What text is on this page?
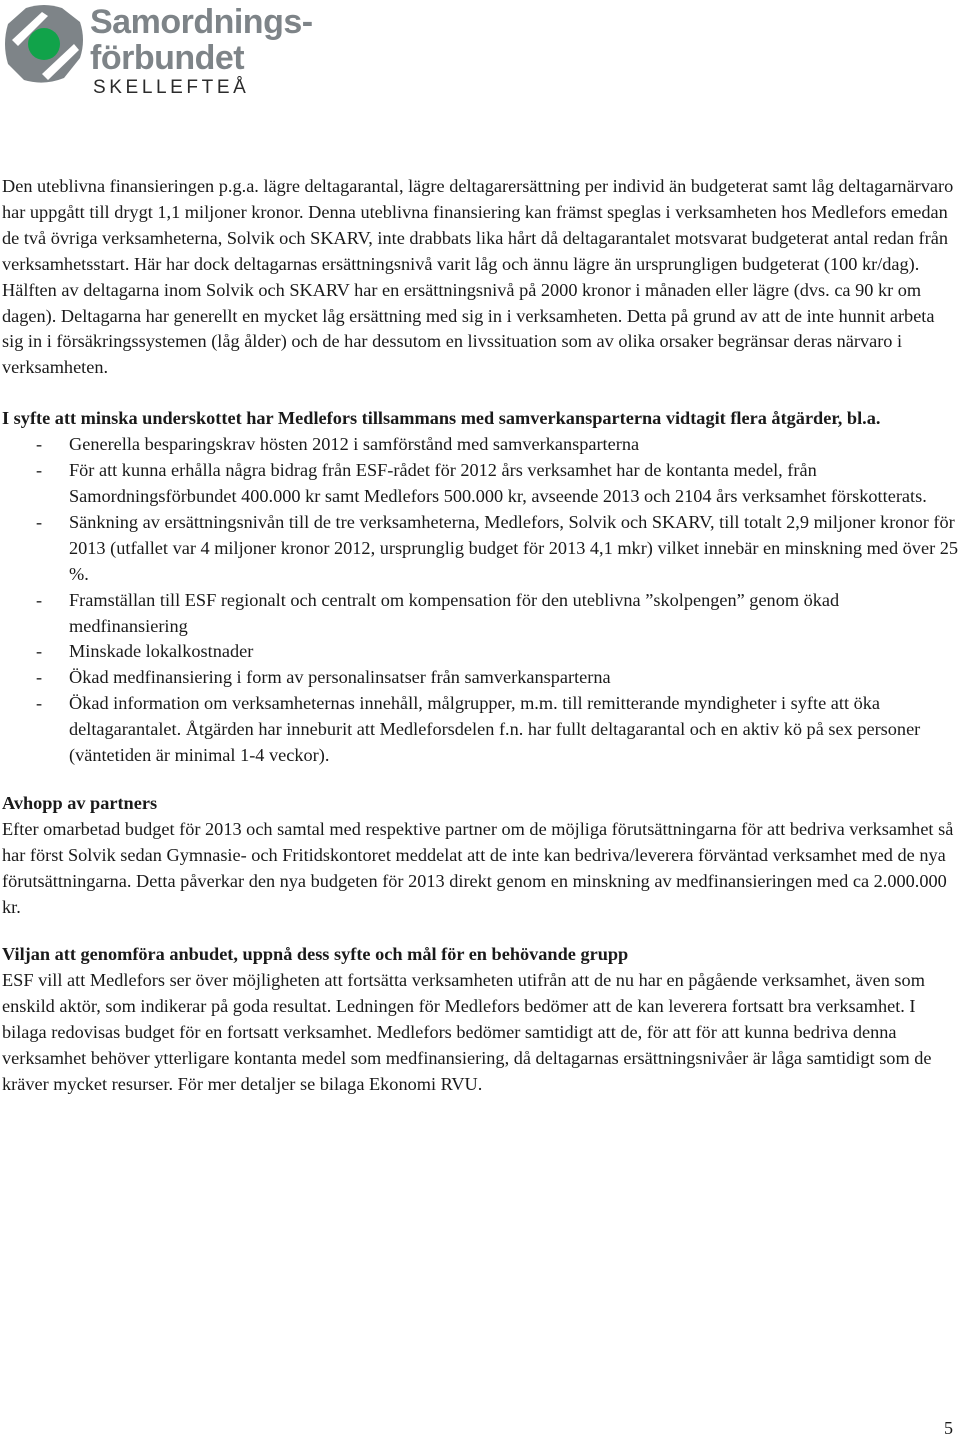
Samordnings-
förbundet
SKELLEFTEÅ

Den uteblivna finansieringen p.g.a. lägre deltagarantal, lägre deltagarersättning per individ än budgeterat samt låg deltagarnärvaro har uppgått till drygt 1,1 miljoner kronor. Denna uteblivna finansiering kan främst speglas i verksamheten hos Medlefors emedan de två övriga verksamheterna, Solvik och SKARV, inte drabbats lika hårt då deltagarantalet motsvarat budgeterat antal redan från verksamhetsstart. Här har dock deltagarnas ersättningsnivå varit låg och ännu lägre än ursprungligen budgeterat (100 kr/dag). Hälften av deltagarna inom Solvik och SKARV har en ersättningsnivå på 2000 kronor i månaden eller lägre (dvs. ca 90 kr om dagen). Deltagarna har generellt en mycket låg ersättning med sig in i verksamheten. Detta på grund av att de inte hunnit arbeta sig in i försäkringssystemen (låg ålder) och de har dessutom en livssituation som av olika orsaker begränsar deras närvaro i verksamheten.

I syfte att minska underskottet har Medlefors tillsammans med samverkansparterna vidtagit flera åtgärder, bl.a.

- Generella besparingskrav hösten 2012 i samförstånd med samverkansparterna
- För att kunna erhålla några bidrag från ESF-rådet för 2012 års verksamhet har de kontanta medel, från Samordningsförbundet 400.000 kr samt Medlefors 500.000 kr, avseende 2013 och 2104 års verksamhet förskotterats.
- Sänkning av ersättningsnivån till de tre verksamheterna, Medlefors, Solvik och SKARV, till totalt 2,9 miljoner kronor för 2013 (utfallet var 4 miljoner kronor 2012, ursprunglig budget för 2013 4,1 mkr) vilket innebär en minskning med över 25 %.
- Framställan till ESF regionalt och centralt om kompensation för den uteblivna ”skolpengen” genom ökad medfinansiering
- Minskade lokalkostnader
- Ökad medfinansiering i form av personalinsatser från samverkansparterna
- Ökad information om verksamheternas innehåll, målgrupper, m.m. till remitterande myndigheter i syfte att öka deltagarantalet. Åtgärden har inneburit att Medleforsdelen f.n. har fullt deltagarantal och en aktiv kö på sex personer (väntetiden är minimal 1-4 veckor).

Avhopp av partners

Efter omarbetad budget för 2013 och samtal med respektive partner om de möjliga förutsättningarna för att bedriva verksamhet så har först Solvik sedan Gymnasie- och Fritidskontoret meddelat att de inte kan bedriva/leverera förväntad verksamhet med de nya förutsättningarna. Detta påverkar den nya budgeten för 2013 direkt genom en minskning av medfinansieringen med ca 2.000.000 kr.

Viljan att genomföra anbudet, uppnå dess syfte och mål för en behövande grupp

ESF vill att Medlefors ser över möjligheten att fortsätta verksamheten utifrån att de nu har en pågående verksamhet, även som enskild aktör, som indikerar på goda resultat. Ledningen för Medlefors bedömer att de kan leverera fortsatt bra verksamhet. I bilaga redovisas budget för en fortsatt verksamhet. Medlefors bedömer samtidigt att de, för att för att kunna bedriva denna verksamhet behöver ytterligare kontanta medel som medfinansiering, då deltagarnas ersättningsnivåer är låga samtidigt som de kräver mycket resurser. För mer detaljer se bilaga Ekonomi RVU.

5
